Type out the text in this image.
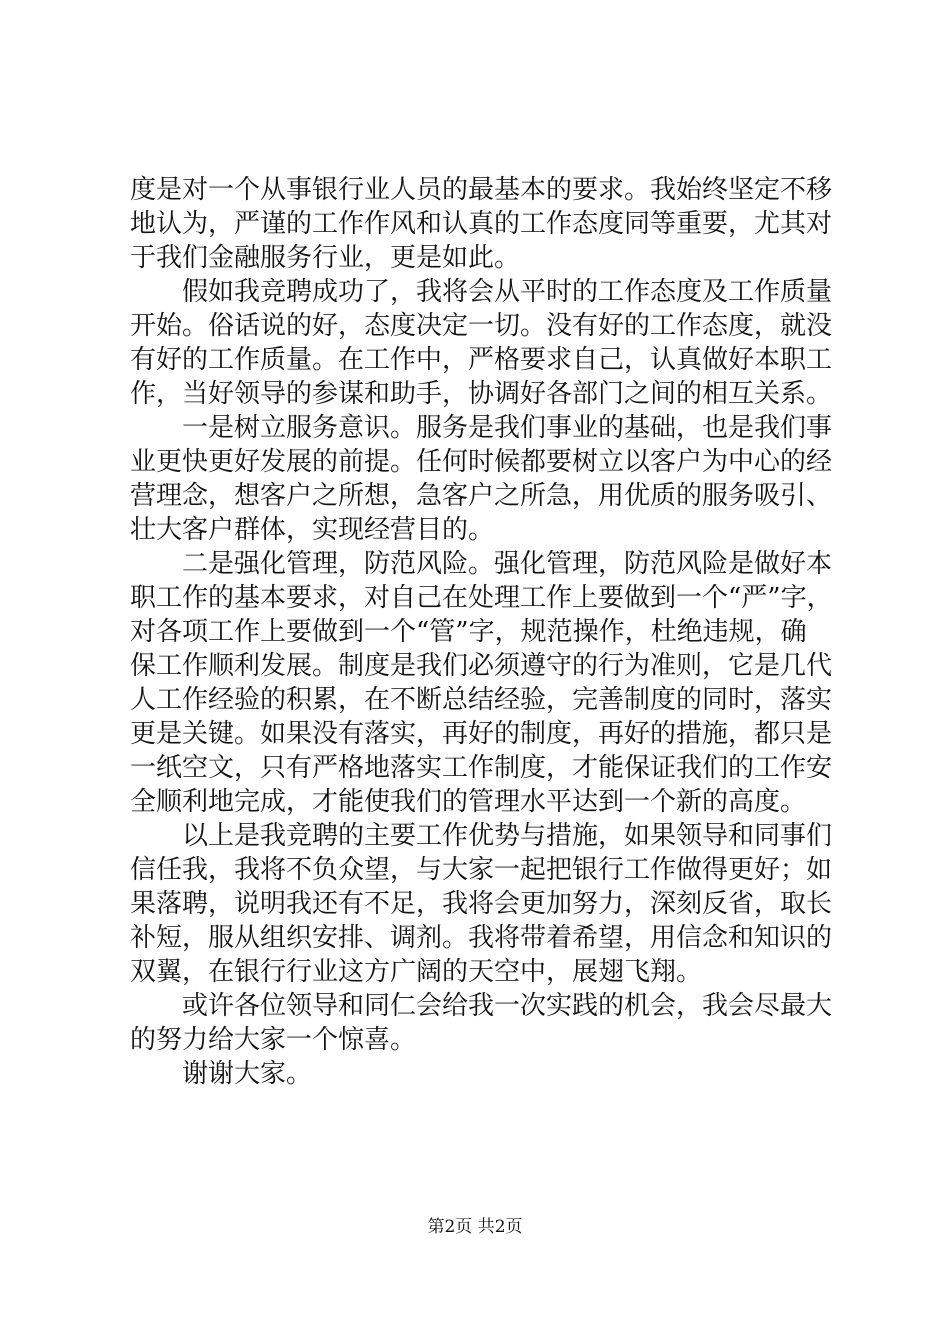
度是对一个从事银行业人员的最基本的要求。我始终坚定不移
地认为，严谨的工作作风和认真的工作态度同等重要，尤其对
于我们金融服务行业，更是如此。
假如我竞聘成功了，我将会从平时的工作态度及工作质量
开始。俗话说的好，态度决定一切。没有好的工作态度，就没
有好的工作质量。在工作中，严格要求自己，认真做好本职工
作，当好领导的参谋和助手，协调好各部门之间的相互关系。
一是树立服务意识。服务是我们事业的基础，也是我们事
业更快更好发展的前提。任何时候都要树立以客户为中心的经
营理念，想客户之所想，急客户之所急，用优质的服务吸引、
壮大客户群体，实现经营目的。
二是强化管理，防范风险。强化管理，防范风险是做好本
职工作的基本要求，对自己在处理工作上要做到一个“严”字，
对各项工作上要做到一个“管”字，规范操作，杜绝违规，确
保工作顺利发展。制度是我们必须遵守的行为准则，它是几代
人工作经验的积累，在不断总结经验，完善制度的同时，落实
更是关键。如果没有落实，再好的制度，再好的措施，都只是
一纸空文，只有严格地落实工作制度，才能保证我们的工作安
全顺利地完成，才能使我们的管理水平达到一个新的高度。
以上是我竞聘的主要工作优势与措施，如果领导和同事们
信任我，我将不负众望，与大家一起把银行工作做得更好；如
果落聘，说明我还有不足，我将会更加努力，深刻反省，取长
补短，服从组织安排、调剂。我将带着希望，用信念和知识的
双翼，在银行行业这方广阔的天空中，展翅飞翔。
或许各位领导和同仁会给我一次实践的机会，我会尽最大
的努力给大家一个惊喜。
谢谢大家。
第2页 共2页
